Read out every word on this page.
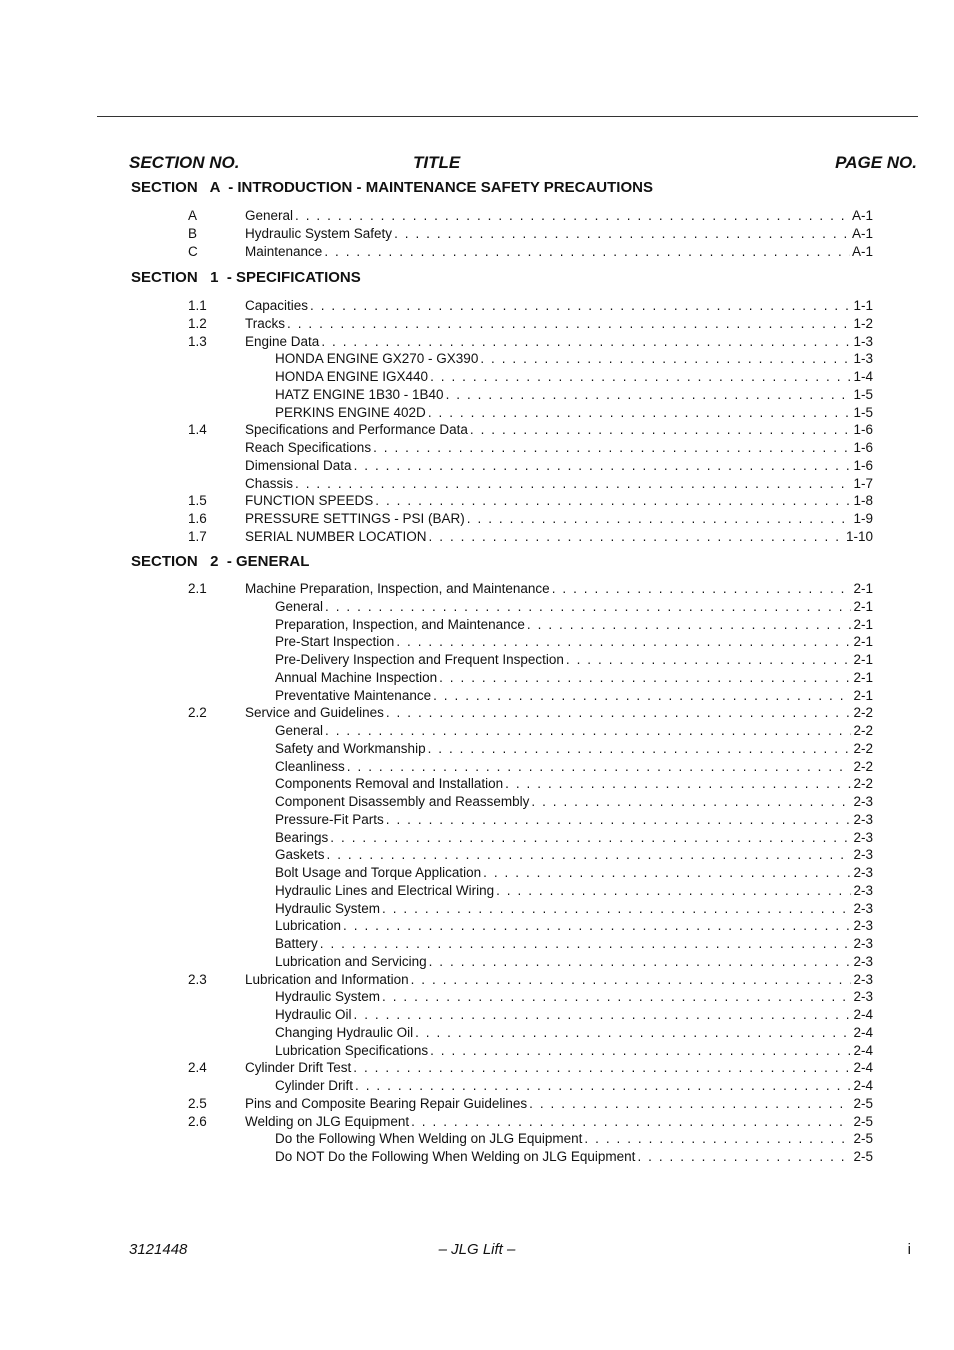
SECTION NO.	TITLE	PAGE NO.
SECTION   A  - INTRODUCTION - MAINTENANCE SAFETY PRECAUTIONS
A	General . . .	A-1
B	Hydraulic System Safety . . .	A-1
C	Maintenance . . .	A-1
SECTION   1  - SPECIFICATIONS
1.1	Capacities . . .	1-1
1.2	Tracks . . .	1-2
1.3	Engine Data . . .	1-3
HONDA ENGINE GX270 - GX390 . . .	1-3
HONDA ENGINE IGX440 . . .	1-4
HATZ ENGINE 1B30 - 1B40 . . .	1-5
PERKINS ENGINE 402D . . .	1-5
1.4	Specifications and Performance Data . . .	1-6
Reach Specifications . . .	1-6
Dimensional Data . . .	1-6
Chassis . . .	1-7
1.5	FUNCTION SPEEDS . . .	1-8
1.6	PRESSURE SETTINGS - PSI (BAR) . . .	1-9
1.7	SERIAL NUMBER LOCATION . . .	1-10
SECTION   2  - GENERAL
2.1	Machine Preparation, Inspection, and Maintenance . . .	2-1
General . . .	2-1
Preparation, Inspection, and Maintenance . . .	2-1
Pre-Start Inspection . . .	2-1
Pre-Delivery Inspection and Frequent Inspection . . .	2-1
Annual Machine Inspection . . .	2-1
Preventative Maintenance . . .	2-1
2.2	Service and Guidelines . . .	2-2
General . . .	2-2
Safety and Workmanship . . .	2-2
Cleanliness . . .	2-2
Components Removal and Installation . . .	2-2
Component Disassembly and Reassembly . . .	2-3
Pressure-Fit Parts . . .	2-3
Bearings . . .	2-3
Gaskets . . .	2-3
Bolt Usage and Torque Application . . .	2-3
Hydraulic Lines and Electrical Wiring . . .	2-3
Hydraulic System . . .	2-3
Lubrication . . .	2-3
Battery . . .	2-3
Lubrication and Servicing . . .	2-3
2.3	Lubrication and Information . . .	2-3
Hydraulic System . . .	2-3
Hydraulic Oil . . .	2-4
Changing Hydraulic Oil . . .	2-4
Lubrication Specifications . . .	2-4
2.4	Cylinder Drift Test . . .	2-4
Cylinder Drift . . .	2-4
2.5	Pins and Composite Bearing Repair Guidelines . . .	2-5
2.6	Welding on JLG Equipment . . .	2-5
Do the Following When Welding on JLG Equipment . . .	2-5
Do NOT Do the Following When Welding on JLG Equipment . . .	2-5
3121448	– JLG Lift –	i
